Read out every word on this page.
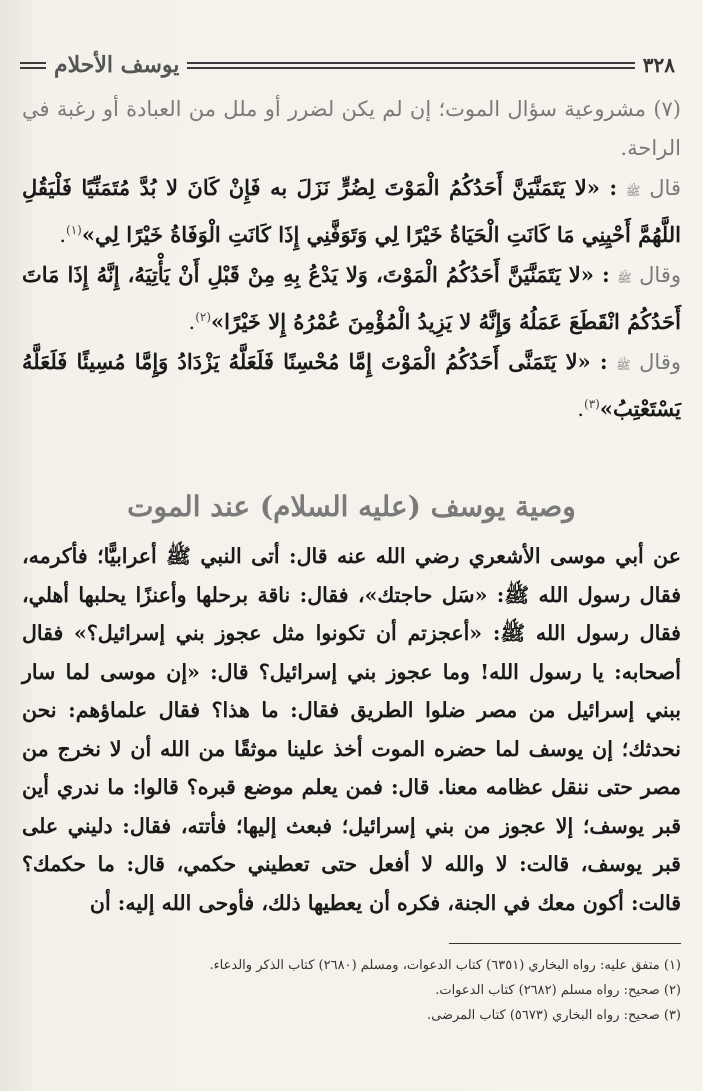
٣٢٨
يوسف الأحلام

(٧) مشروعية سؤال الموت؛ إن لم يكن لضرر أو ملل من العبادة أو رغبة في الراحة.

قال ﷺ : «لا يَتَمَنَّيَنَّ أَحَدُكُمُ الْمَوْتَ لِضُرٍّ نَزَلَ به فَإِنْ كَانَ لا بُدَّ مُتَمَنِّيًا فَلْيَقُلِ اللَّهُمَّ أَحْيِنِي مَا كَانَتِ الْحَيَاةُ خَيْرًا لِي وَتَوَفَّنِي إِذَا كَانَتِ الْوَفَاةُ خَيْرًا لِي»$^{(١)}$.

وقال ﷺ : «لا يَتَمَنَّيَنَّ أَحَدُكُمُ الْمَوْتَ، وَلا يَدْعُ بِهِ مِنْ قَبْلِ أَنْ يَأْتِيَهُ، إِنَّهُ إِذَا مَاتَ أَحَدُكُمُ انْقَطَعَ عَمَلُهُ وَإِنَّهُ لا يَزِيدُ الْمُؤْمِنَ عُمْرُهُ إِلا خَيْرًا»$^{(٢)}$.

وقال ﷺ : «لا يَتَمَنَّى أَحَدُكُمُ الْمَوْتَ إِمَّا مُحْسِنًا فَلَعَلَّهُ يَزْدَادُ وَإِمَّا مُسِيئًا فَلَعَلَّهُ يَسْتَعْتِبُ»$^{(٣)}$.

وصية يوسف (عليه السلام) عند الموت

عن أبي موسى الأشعري رضي الله عنه قال: أتى النبي ﷺ أعرابيًّا؛ فأكرمه، فقال رسول الله ﷺ: «سَل حاجتك»، فقال: ناقة برحلها وأعنزًا يحلبها أهلي، فقال رسول الله ﷺ: «أعجزتم أن تكونوا مثل عجوز بني إسرائيل؟» فقال أصحابه: يا رسول الله! وما عجوز بني إسرائيل؟ قال: «إن موسى لما سار ببني إسرائيل من مصر ضلوا الطريق فقال: ما هذا؟ فقال علماؤهم: نحن نحدثك؛ إن يوسف لما حضره الموت أخذ علينا موثقًا من الله أن لا نخرج من مصر حتى ننقل عظامه معنا. قال: فمن يعلم موضع قبره؟ قالوا: ما ندري أين قبر يوسف؛ إلا عجوز من بني إسرائيل؛ فبعث إليها؛ فأتته، فقال: دليني على قبر يوسف، قالت: لا والله لا أفعل حتى تعطيني حكمي، قال: ما حكمك؟ قالت: أكون معك في الجنة، فكره أن يعطيها ذلك، فأوحى الله إليه: أن

(١) متفق عليه: رواه البخاري (٦٣٥١) كتاب الدعوات، ومسلم (٢٦٨٠) كتاب الذكر والدعاء.
(٢) صحيح: رواه مسلم (٢٦٨٢) كتاب الدعوات.
(٣) صحيح: رواه البخاري (٥٦٧٣) كتاب المرضى.
